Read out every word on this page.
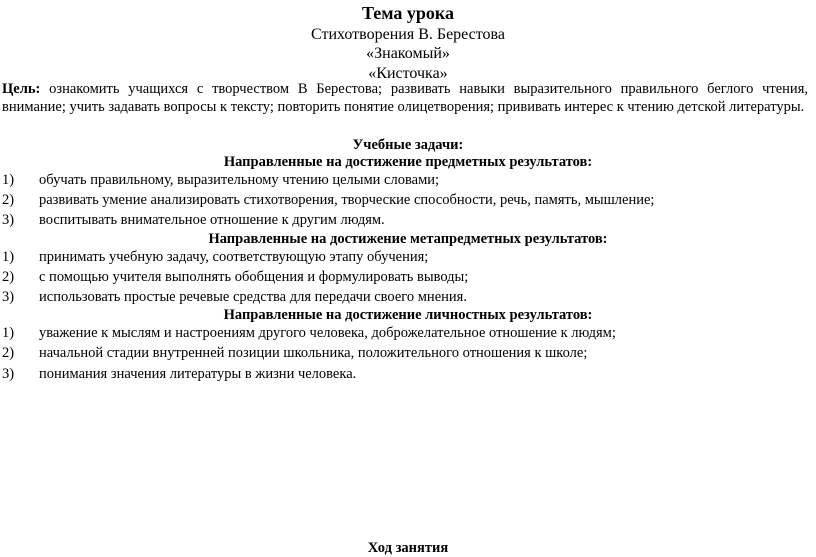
Тема урока
Стихотворения В. Берестова
«Знакомый»
«Кисточка»
Цель: ознакомить учащихся с творчеством В Берестова; развивать навыки выразительного правильного беглого чтения, внимание; учить задавать вопросы к тексту; повторить понятие олицетворения; прививать интерес к чтению детской литературы.
Учебные задачи:
Направленные на достижение предметных результатов:
1) обучать правильному, выразительному чтению целыми словами;
2) развивать умение анализировать стихотворения, творческие способности, речь, память, мышление;
3) воспитывать внимательное отношение к другим людям.
Направленные на достижение метапредметных результатов:
1) принимать учебную задачу, соответствующую этапу обучения;
2) с помощью учителя выполнять обобщения и формулировать выводы;
3) использовать простые речевые средства для передачи своего мнения.
Направленные на достижение личностных результатов:
1) уважение к мыслям и настроениям другого человека, доброжелательное отношение к людям;
2) начальной стадии внутренней позиции школьника, положительного отношения к школе;
3) понимания значения литературы в жизни человека.
Ход занятия
